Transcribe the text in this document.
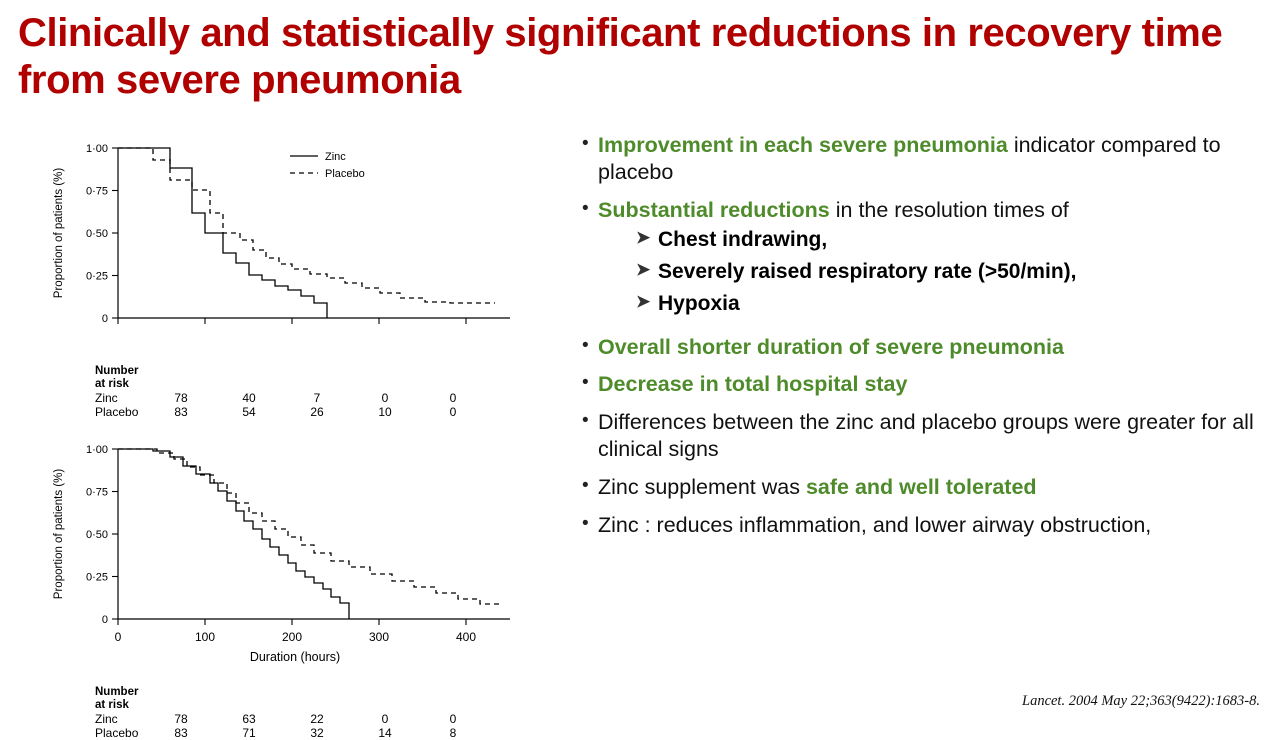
Clinically and statistically significant reductions in recovery time from severe pneumonia
0
0·25
0·50
0·75
1·00
Proportion of patients (%)
Zinc
Placebo
Number
at risk
Zinc	78	40	7	0	0
Placebo	83	54	26	10	0
0
0·25
0·50
0·75
1·00
Proportion of patients (%)
0	100	200	300	400
Duration (hours)
Number
at risk
Zinc	78	63	22	0	0
Placebo	83	71	32	14	8
• Improvement in each severe pneumonia indicator compared to placebo
• Substantial reductions in the resolution times of
➤ Chest indrawing,
➤ Severely raised respiratory rate (>50/min),
➤ Hypoxia
• Overall shorter duration of severe pneumonia
• Decrease in total hospital stay
• Differences between the zinc and placebo groups were greater for all clinical signs
• Zinc supplement was safe and well tolerated
• Zinc : reduces inflammation, and lower airway obstruction,
Lancet. 2004 May 22;363(9422):1683-8.
